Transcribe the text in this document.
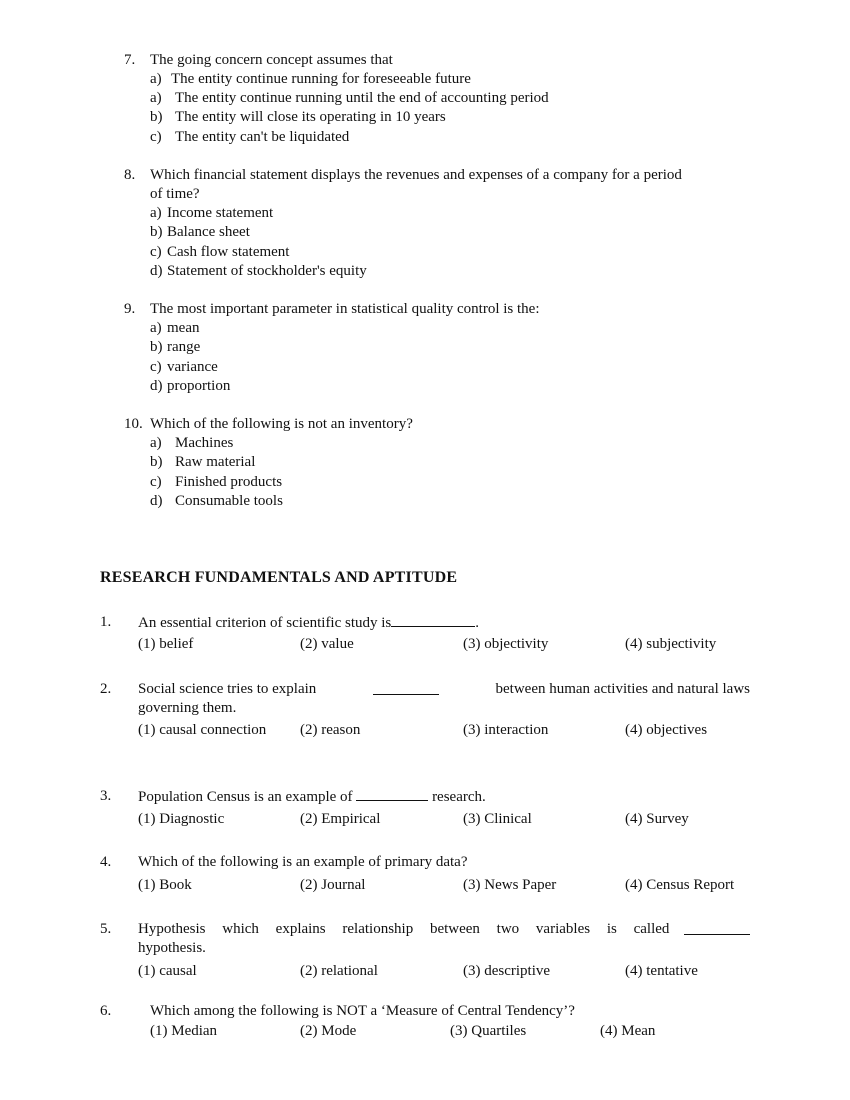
7. The going concern concept assumes that
a) The entity continue running for foreseeable future
a) The entity continue running until the end of accounting period
b) The entity will close its operating in 10 years
c) The entity can't be liquidated
8. Which financial statement displays the revenues and expenses of a company for a period
of time?
a) Income statement
b) Balance sheet
c) Cash flow statement
d) Statement of stockholder's equity
9. The most important parameter in statistical quality control is the:
a) mean
b) range
c) variance
d) proportion
10. Which of the following is not an inventory?
a) Machines
b) Raw material
c) Finished products
d) Consumable tools
RESEARCH FUNDAMENTALS AND APTITUDE
1. An essential criterion of scientific study is	.
(1) belief	(2) value	(3) objectivity	(4) subjectivity
2. Social science tries to explain	between human activities and natural laws
governing them.
(1) causal connection (2) reason	(3) interaction	(4) objectives
3. Population Census is an example of	research.
(1) Diagnostic	(2) Empirical	(3) Clinical	(4) Survey
4. Which of the following is an example of primary data?
(1) Book	(2) Journal	(3) News Paper	(4) Census Report
5. Hypothesis which explains relationship between two variables is called
hypothesis.
(1) causal	(2) relational	(3) descriptive	(4) tentative
6.	Which among the following is NOT a ‘Measure of Central Tendency’?
(1) Median	(2) Mode	(3) Quartiles	(4) Mean
